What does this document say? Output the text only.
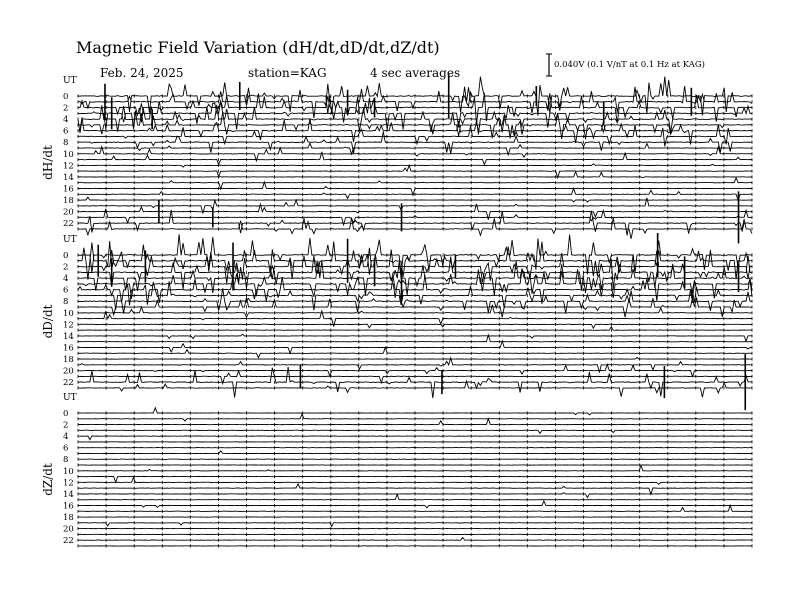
UT
dH/dt
0
2
4
6
8
10
12
14
16
18
20
22
UT
dD/dt
0
2
4
6
8
10
12
14
16
18
20
22
UT
dZ/dt
0
2
4
6
8
10
12
14
16
18
20
22
Magnetic Field Variation (dH/dt,dD/dt,dZ/dt)
Feb. 24, 2025	station=KAG	4 sec averages
0.040V (0.1 V/nT at 0.1 Hz at KAG)
